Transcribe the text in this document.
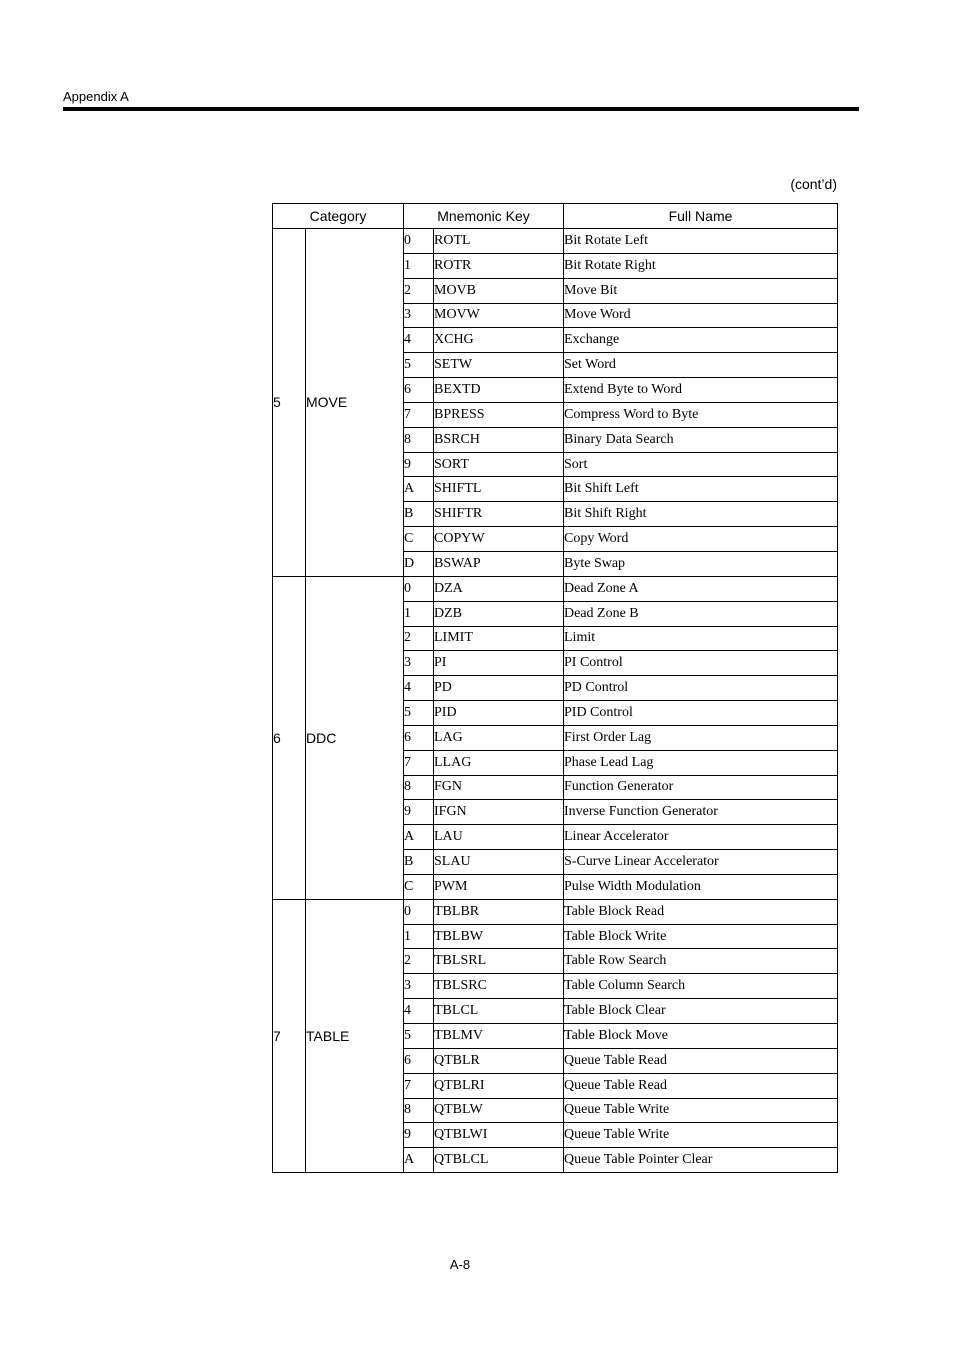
Appendix A
(cont’d)
Category		Mnemonic Key		Full Name
5	MOVE	0	ROTL	Bit Rotate Left
		1	ROTR	Bit Rotate Right
		2	MOVB	Move Bit
		3	MOVW	Move Word
		4	XCHG	Exchange
		5	SETW	Set Word
		6	BEXTD	Extend Byte to Word
		7	BPRESS	Compress Word to Byte
		8	BSRCH	Binary Data Search
		9	SORT	Sort
		A	SHIFTL	Bit Shift Left
		B	SHIFTR	Bit Shift Right
		C	COPYW	Copy Word
		D	BSWAP	Byte Swap
6	DDC	0	DZA	Dead Zone A
		1	DZB	Dead Zone B
		2	LIMIT	Limit
		3	PI	PI Control
		4	PD	PD Control
		5	PID	PID Control
		6	LAG	First Order Lag
		7	LLAG	Phase Lead Lag
		8	FGN	Function Generator
		9	IFGN	Inverse Function Generator
		A	LAU	Linear Accelerator
		B	SLAU	S-Curve Linear Accelerator
		C	PWM	Pulse Width Modulation
7	TABLE	0	TBLBR	Table Block Read
		1	TBLBW	Table Block Write
		2	TBLSRL	Table Row Search
		3	TBLSRC	Table Column Search
		4	TBLCL	Table Block Clear
		5	TBLMV	Table Block Move
		6	QTBLR	Queue Table Read
		7	QTBLRI	Queue Table Read
		8	QTBLW	Queue Table Write
		9	QTBLWI	Queue Table Write
		A	QTBLCL	Queue Table Pointer Clear
A-8
